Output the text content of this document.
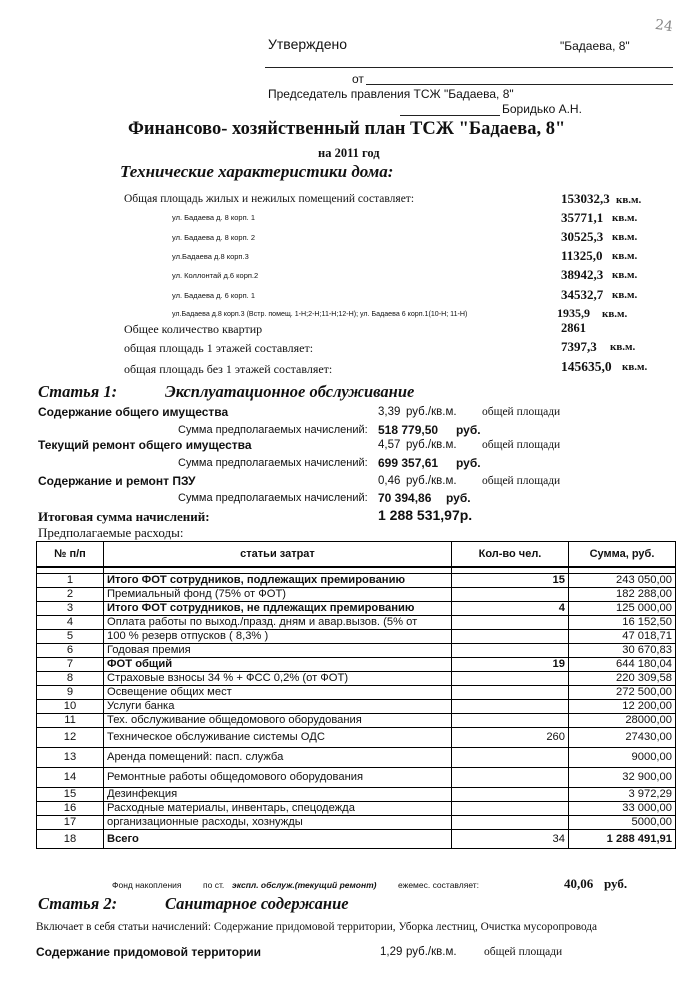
24
Утверждено	"Бадаева, 8"
от
Председатель правления ТСЖ "Бадаева, 8"
Боридько А.Н.
Финансово- хозяйственный план ТСЖ "Бадаева, 8"
на 2011 год
Технические характеристики дома:
Общая площадь жилых и нежилых помещений составляет:	153032,3 кв.м.
ул. Бадаева д. 8 корп. 1	35771,1 кв.м.
ул. Бадаева д. 8 корп. 2	30525,3 кв.м.
ул.Бадаева д.8 корп.3	11325,0 кв.м.
ул. Коллонтай д.6 корп.2	38942,3 кв.м.
ул. Бадаева д. 6 корп. 1	34532,7 кв.м.
ул.Бадаева д.8 корп.3 (Встр. помещ. 1-Н;2-Н;11-Н;12-Н); ул. Бадаева 6 корп.1(10-Н; 11-Н)	1935,9 кв.м.
Общее количество квартир	2861
общая площадь 1 этажей составляет:	7397,3 кв.м.
общая площадь без 1 этажей составляет:	145635,0 кв.м.
Статья 1:	Эксплуатационное обслуживание
Содержание общего имущества	3,39 руб./кв.м. общей площади
Сумма предполагаемых начислений: 518 779,50 руб.
Текущий ремонт общего имущества	4,57 руб./кв.м. общей площади
Сумма предполагаемых начислений: 699 357,61 руб.
Содержание и ремонт ПЗУ	0,46 руб./кв.м. общей площади
Сумма предполагаемых начислений: 70 394,86 руб.
Итоговая сумма начислений:	1 288 531,97р.
Предполагаемые расходы:
№ п/п	статьи затрат	Кол-во чел.	Сумма, руб.

1	Итого ФОТ сотрудников, подлежащих премированию	15	243 050,00
2	Премиальный фонд (75% от ФОТ)		182 288,00
3	Итого ФОТ сотрудников, не пдлежащих премированию	4	125 000,00
4	Оплата работы по выход./празд. дням и авар.вызов. (5% от		16 152,50
5	100 % резерв отпусков ( 8,3% )		47 018,71
6	Годовая премия		30 670,83
7	ФОТ общий	19	644 180,04
8	Страховые взносы 34 % + ФСС 0,2% (от ФОТ)		220 309,58
9	Освещение общих мест		272 500,00
10	Услуги банка		12 200,00
11	Тех. обслуживание общедомового оборудования		28000,00
12	Техническое обслуживание системы ОДС	260	27430,00
13	Аренда помещений: пасп. служба		9000,00
14	Ремонтные работы общедомового оборудования		32 900,00
15	Дезинфекция		3 972,29
16	Расходные материалы, инвентарь, спецодежда		33 000,00
17	организационные расходы, хознужды		5000,00
18	Всего	34	1 288 491,91
Фонд накопления	по ст. экспл. обслуж.(текущий ремонт)	ежемес. составляет:	40,06 руб.
Статья 2:	Санитарное содержание
Включает в себя статьи начислений: Содержание придомовой территории, Уборка лестниц, Очистка мусоропровода
Содержание придомовой территории	1,29 руб./кв.м. общей площади
